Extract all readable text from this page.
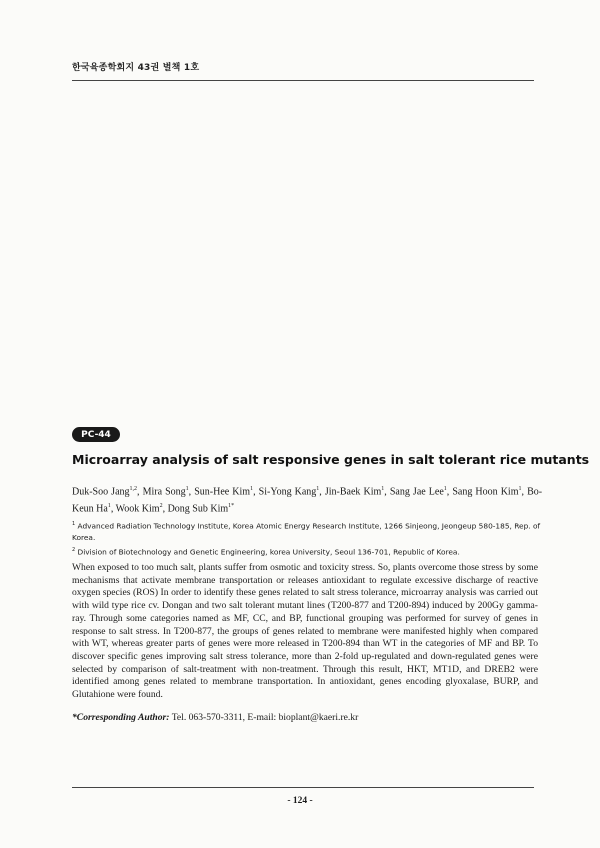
한국육종학회지 43권 별책 1호
PC-44
Microarray analysis of salt responsive genes in salt tolerant rice mutants
Duk-Soo Jang$^{1,2}$, Mira Song$^1$, Sun-Hee Kim$^1$, Si-Yong Kang$^1$, Jin-Baek Kim$^1$, Sang Jae Lee$^1$, Sang Hoon Kim$^1$, Bo-Keun Ha$^1$, Wook Kim$^2$, Dong Sub Kim$^{1*}$
$^1$ Advanced Radiation Technology Institute, Korea Atomic Energy Research Institute, 1266 Sinjeong, Jeongeup 580-185, Rep. of Korea.
$^2$ Division of Biotechnology and Genetic Engineering, korea University, Seoul 136-701, Republic of Korea.
When exposed to too much salt, plants suffer from osmotic and toxicity stress. So, plants overcome those stress by some mechanisms that activate membrane transportation or releases antioxidant to regulate excessive discharge of reactive oxygen species (ROS) In order to identify these genes related to salt stress tolerance, microarray analysis was carried out with wild type rice cv. Dongan and two salt tolerant mutant lines (T200-877 and T200-894) induced by 200Gy gamma-ray. Through some categories named as MF, CC, and BP, functional grouping was performed for survey of genes in response to salt stress. In T200-877, the groups of genes related to membrane were manifested highly when compared with WT, whereas greater parts of genes were more released in T200-894 than WT in the categories of MF and BP. To discover specific genes improving salt stress tolerance, more than 2-fold up-regulated and down-regulated genes were selected by comparison of salt-treatment with non-treatment. Through this result, HKT, MT1D, and DREB2 were identified among genes related to membrane transportation. In antioxidant, genes encoding glyoxalase, BURP, and Glutahione were found.
*Corresponding Author: Tel. 063-570-3311, E-mail: bioplant@kaeri.re.kr
- 124 -
